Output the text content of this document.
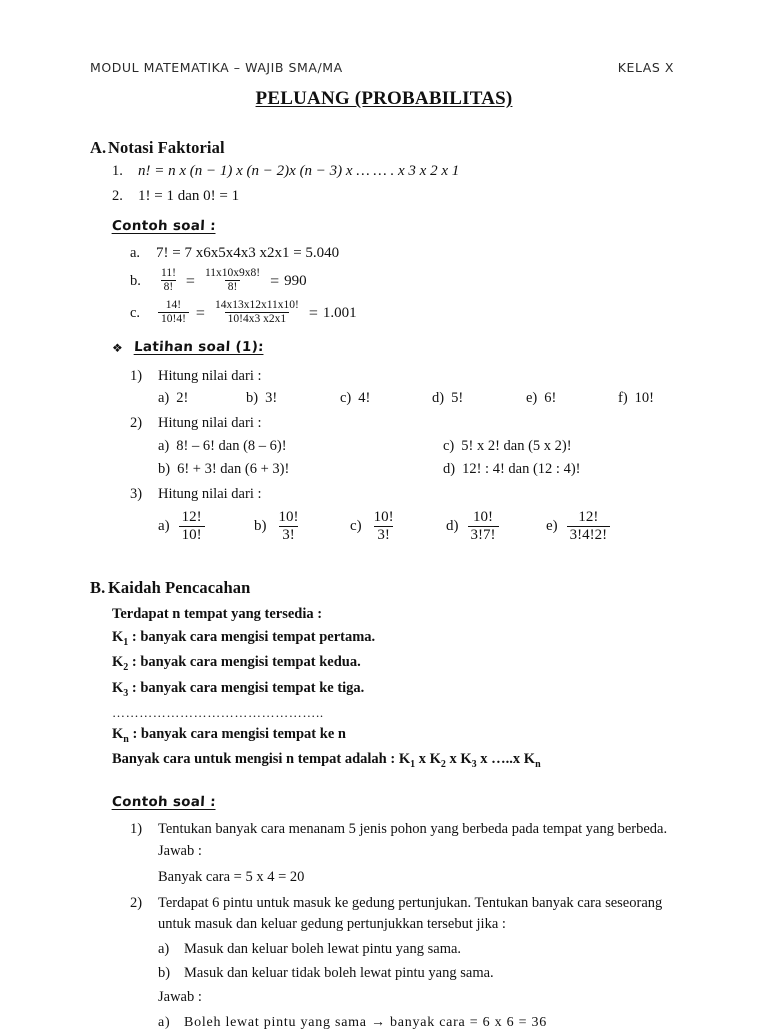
MODUL MATEMATIKA – WAJIB SMA/MA	KELAS X
PELUANG (PROBABILITAS)
A. Notasi Faktorial
1.	n! = n x (n − 1) x (n − 2)x (n − 3) x … … . x 3 x 2 x 1
2.	1! = 1 dan 0! = 1
Contoh soal :
a.	7! = 7 x6x5x4x3 x2x1 = 5.040
b.	$\frac{11!}{8!} = \frac{11x10x9x8!}{8!} = 990$
c.	$\frac{14!}{10!4!} = \frac{14x13x12x11x10!}{10!4x3 x2x1} = 1.001$
❖ Latihan soal (1):
1)	Hitung nilai dari :
a) 2!	b) 3!	c) 4!	d) 5!	e) 6!	f) 10!
2)	Hitung nilai dari :
a) 8! – 6! dan (8 – 6)!	c) 5! x 2! dan (5 x 2)!
b) 6! + 3! dan (6 + 3)!	d) 12! : 4! dan (12 : 4)!
3)	Hitung nilai dari :
$a) \frac{12!}{10!}$	$b) \frac{10!}{3!}$	$c) \frac{10!}{3!}$	$d) \frac{10!}{3!7!}$	$e) \frac{12!}{3!4!2!}$
B. Kaidah Pencacahan
Terdapat n tempat yang tersedia :
$K_1$ : banyak cara mengisi tempat pertama.
$K_2$ : banyak cara mengisi tempat kedua.
$K_3$ : banyak cara mengisi tempat ke tiga.
………………………………………..
$K_n$ : banyak cara mengisi tempat ke n
Banyak cara untuk mengisi n tempat adalah : $K_1$ x $K_2$ x $K_3$ x …..x $K_n$
Contoh soal :
1)	Tentukan banyak cara menanam 5 jenis pohon yang berbeda pada tempat yang berbeda.
Jawab :
Banyak cara = 5 x 4 = 20
2)	Terdapat 6 pintu untuk masuk ke gedung pertunjukan. Tentukan banyak cara seseorang untuk masuk dan keluar gedung pertunjukkan tersebut jika :
a)	Masuk dan keluar boleh lewat pintu yang sama.
b) Masuk dan keluar tidak boleh lewat pintu yang sama.
Jawab :
a) Boleh lewat pintu yang sama → banyak cara = 6 x 6 = 36
